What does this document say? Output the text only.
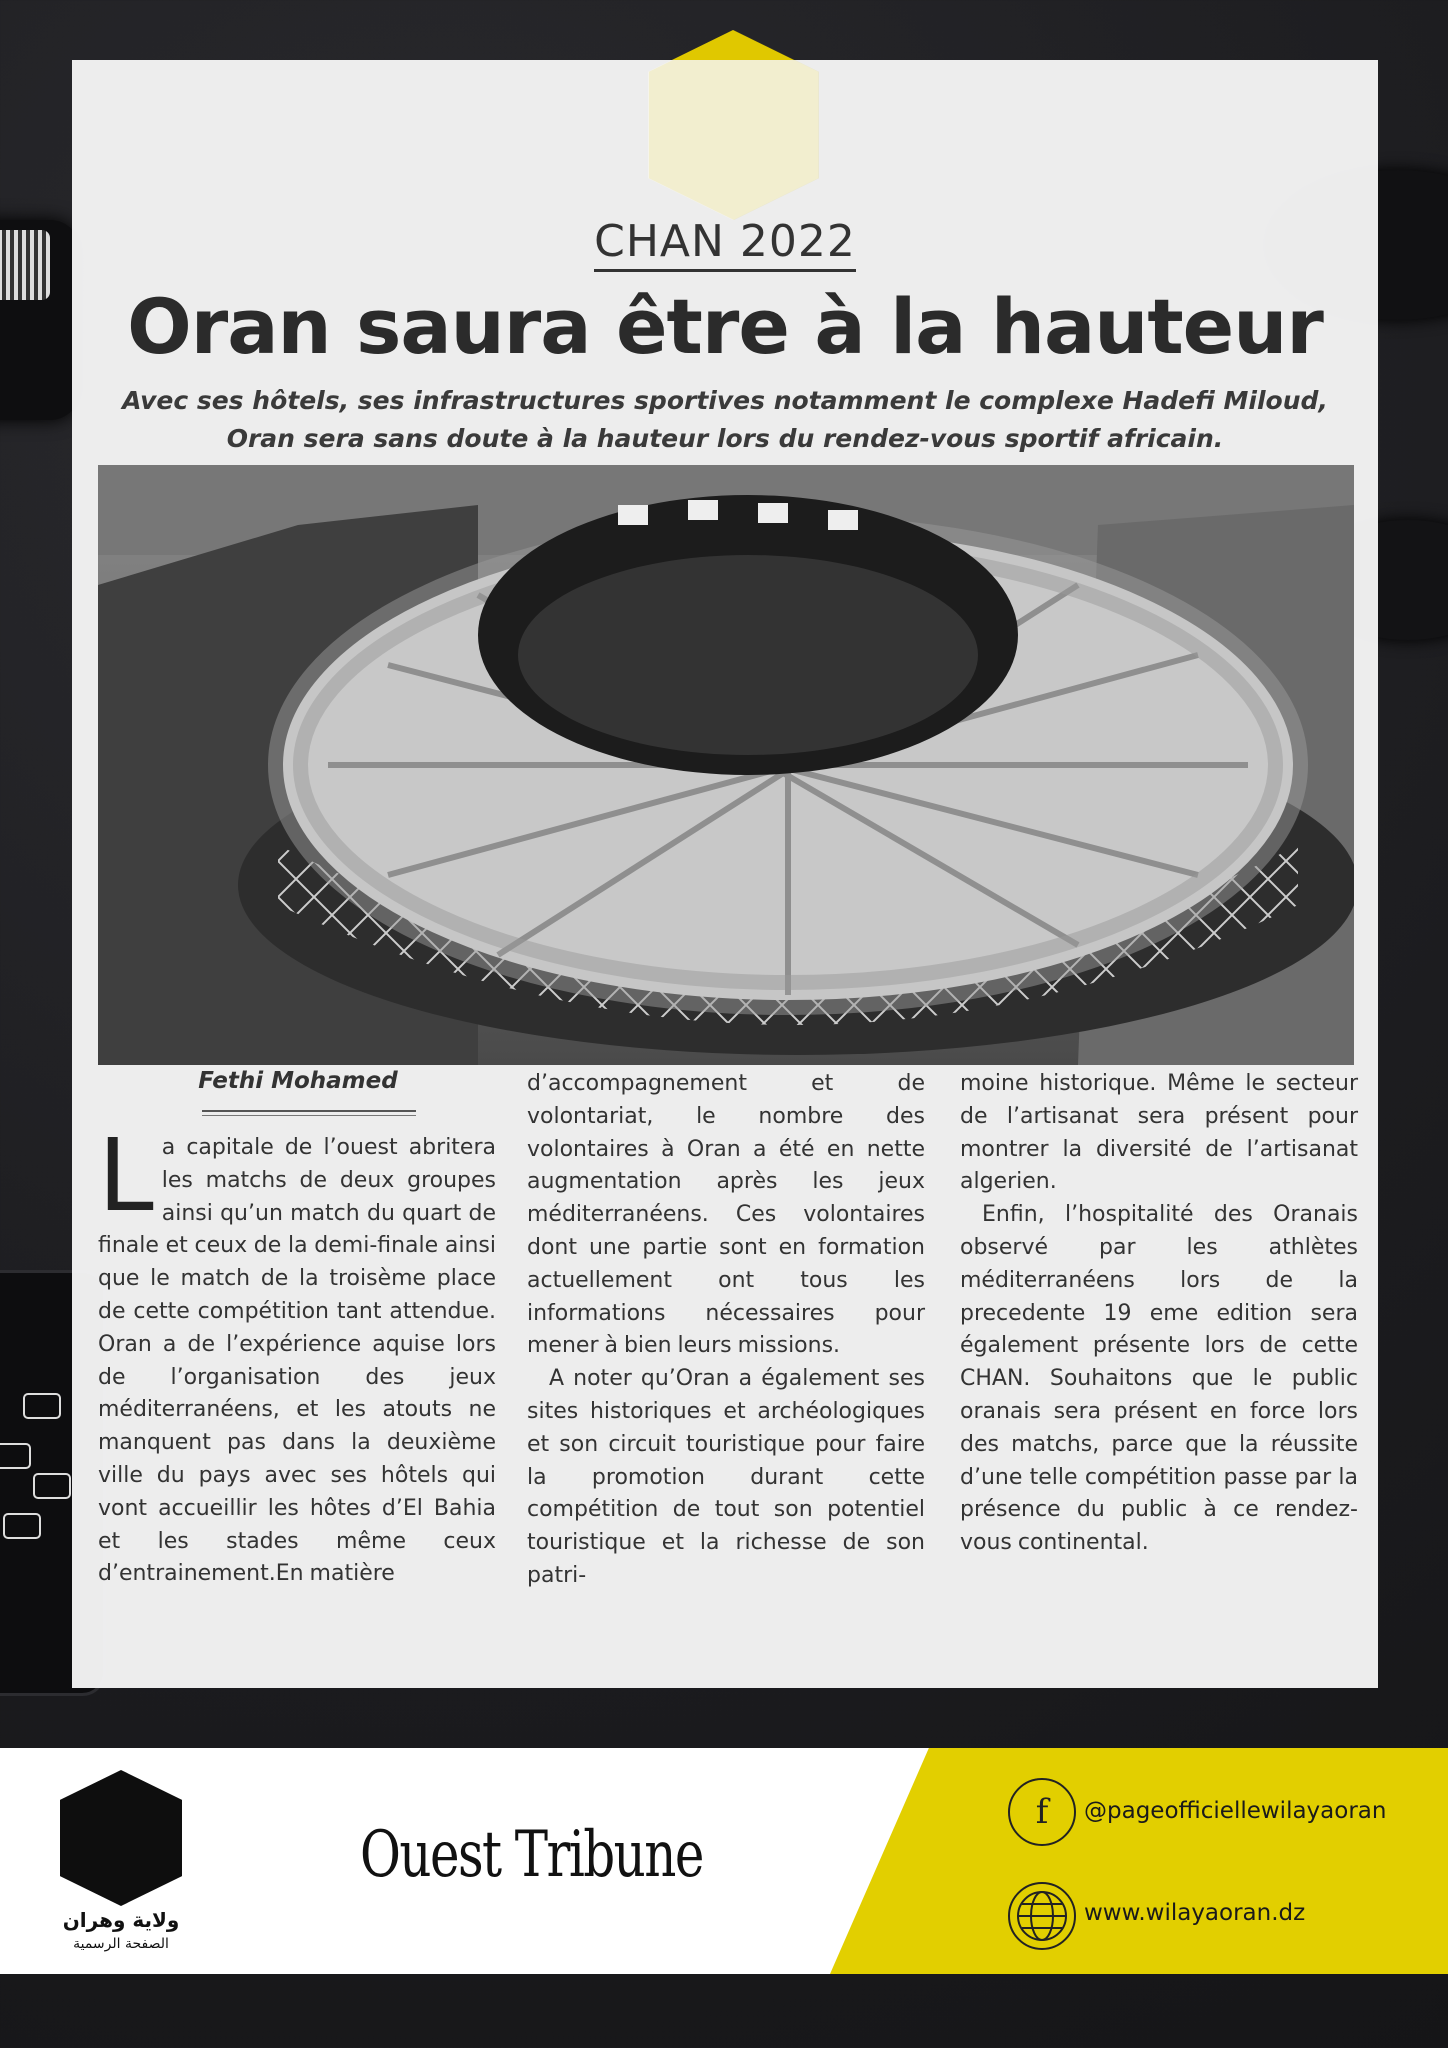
CHAN 2022
Oran saura être à la hauteur
Avec ses hôtels, ses infrastructures sportives notamment le complexe Hadefi Miloud, Oran sera sans doute à la hauteur lors du rendez-vous sportif africain.
Fethi Mohamed

La capitale de l’ouest abritera les matchs de deux groupes ainsi qu’un match du quart de finale et ceux de la demi-finale ainsi que le match de la troisème place de cette compétition tant attendue. Oran a de l’expérience aquise lors de l’organisation des jeux méditerranéens, et les atouts ne manquent pas dans la deuxième ville du pays avec ses hôtels qui vont accueillir les hôtes d’El Bahia et les stades même ceux d’entrainement.En matière

d’accompagnement et de volontariat, le nombre des volontaires à Oran a été en nette augmentation après les jeux méditerranéens. Ces volontaires dont une partie sont en formation actuellement ont tous les informations nécessaires pour mener à bien leurs missions.

A noter qu’Oran a également ses sites historiques et archéologiques et son circuit touristique pour faire la promotion durant cette compétition de tout son potentiel touristique et la richesse de son patri-

moine historique. Même le secteur de l’artisanat sera présent pour montrer la diversité de l’artisanat algerien.

Enfin, l’hospitalité des Oranais observé par les athlètes méditerranéens lors de la precedente 19 eme edition sera également présente lors de cette CHAN. Souhaitons que le public oranais sera présent en force lors des matchs, parce que la réussite d’une telle compétition passe par la présence du public à ce rendez-vous continental.

ولاية وهران
الصفحة الرسمية
Ouest Tribune
f	@pageofficiellewilayaoran
www.wilayaoran.dz
